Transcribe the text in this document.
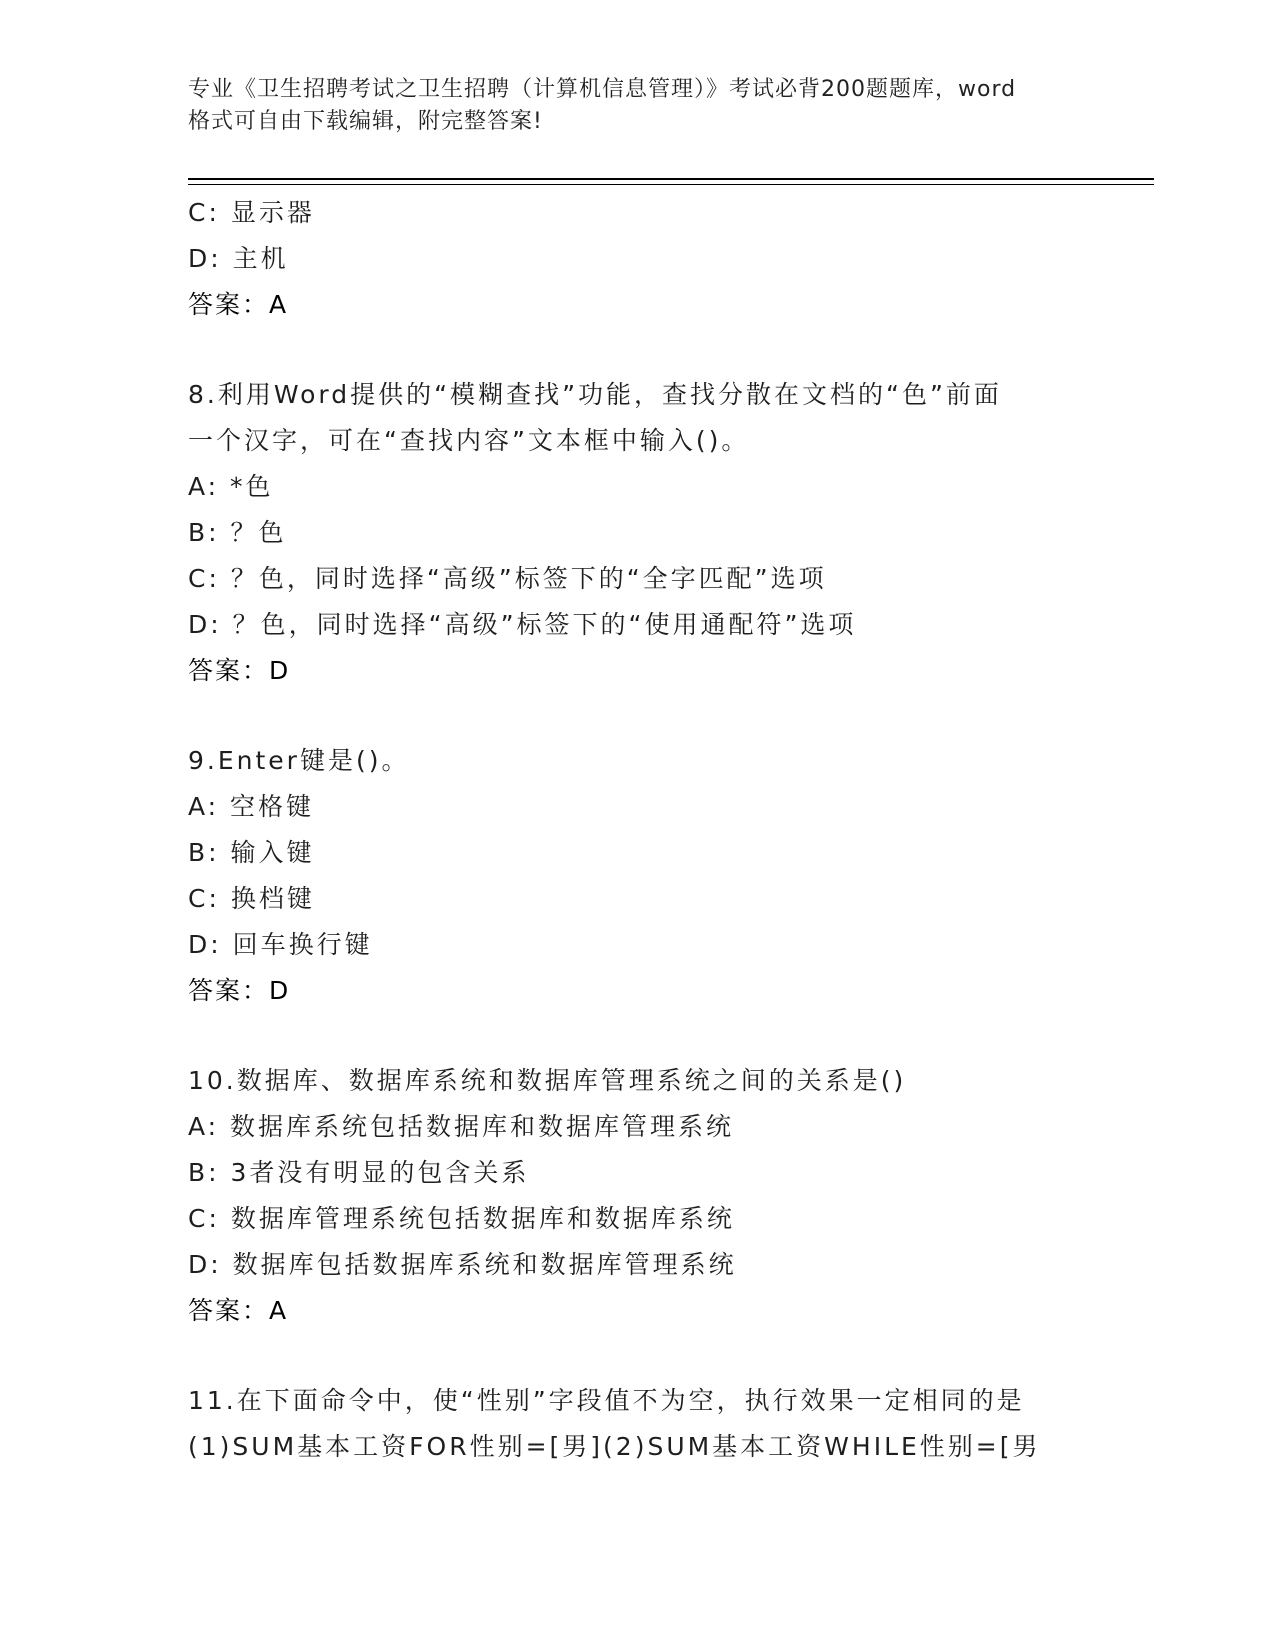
专业《卫生招聘考试之卫生招聘（计算机信息管理）》考试必背200题题库，word
格式可自由下载编辑，附完整答案!
C: 显示器
D: 主机
答案：A
8.利用Word提供的“模糊查找”功能，查找分散在文档的“色”前面
一个汉字，可在“查找内容”文本框中输入()。
A: *色
B: ？色
C: ？色，同时选择“高级”标签下的“全字匹配”选项
D: ？色，同时选择“高级”标签下的“使用通配符”选项
答案：D
9.Enter键是()。
A: 空格键
B: 输入键
C: 换档键
D: 回车换行键
答案：D
10.数据库、数据库系统和数据库管理系统之间的关系是()
A: 数据库系统包括数据库和数据库管理系统
B: 3者没有明显的包含关系
C: 数据库管理系统包括数据库和数据库系统
D: 数据库包括数据库系统和数据库管理系统
答案：A
11.在下面命令中，使“性别”字段值不为空，执行效果一定相同的是
(1)SUM基本工资FOR性别=[男](2)SUM基本工资WHILE性别=[男
